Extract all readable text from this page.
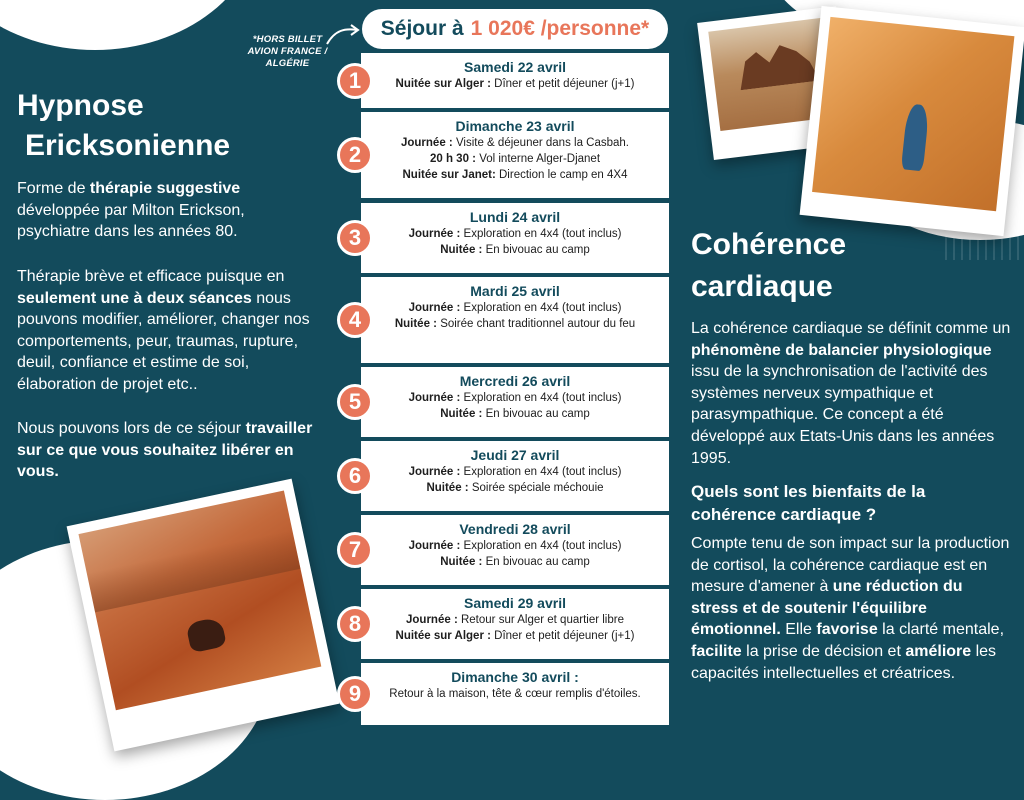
Hypnose
Ericksonienne
Forme de thérapie suggestive développée par Milton Erickson, psychiatre dans les années 80.
Thérapie brève et efficace puisque en seulement une à deux séances nous pouvons modifier, améliorer, changer nos comportements, peur, traumas, rupture, deuil, confiance et estime de soi, élaboration de projet etc..
Nous pouvons lors de ce séjour travailler sur ce que vous souhaitez libérer en vous.
*HORS BILLET AVION FRANCE / ALGÉRIE
Séjour à 1 020€ /personne*
Samedi 22 avril
Nuitée sur Alger : Dîner et petit déjeuner (j+1)
1
Dimanche 23 avril
Journée : Visite & déjeuner dans la Casbah.
20 h 30 : Vol interne Alger-Djanet
Nuitée sur Janet: Direction le camp en 4X4
2
Lundi 24 avril
Journée : Exploration en 4x4 (tout inclus)
Nuitée : En bivouac au camp
3
Mardi 25 avril
Journée : Exploration en 4x4 (tout inclus)
Nuitée : Soirée chant traditionnel autour du feu
4
Mercredi 26 avril
Journée : Exploration en 4x4 (tout inclus)
Nuitée : En bivouac au camp
5
Jeudi 27 avril
Journée : Exploration en 4x4 (tout inclus)
Nuitée : Soirée spéciale méchouie
6
Vendredi 28 avril
Journée : Exploration en 4x4 (tout inclus)
Nuitée : En bivouac au camp
7
Samedi 29 avril
Journée : Retour sur Alger et quartier libre
Nuitée sur Alger : Dîner et petit déjeuner (j+1)
8
Dimanche 30 avril :
Retour à la maison, tête & cœur remplis d'étoiles.
9
Cohérence
cardiaque
La cohérence cardiaque se définit comme un phénomène de balancier physiologique issu de la synchronisation de l'activité des systèmes nerveux sympathique et parasympathique. Ce concept a été développé aux Etats-Unis dans les années 1995.
Quels sont les bienfaits de la cohérence cardiaque ?
Compte tenu de son impact sur la production de cortisol, la cohérence cardiaque est en mesure d'amener à une réduction du stress et de soutenir l'équilibre émotionnel. Elle favorise la clarté mentale, facilite la prise de décision et améliore les capacités intellectuelles et créatrices.
